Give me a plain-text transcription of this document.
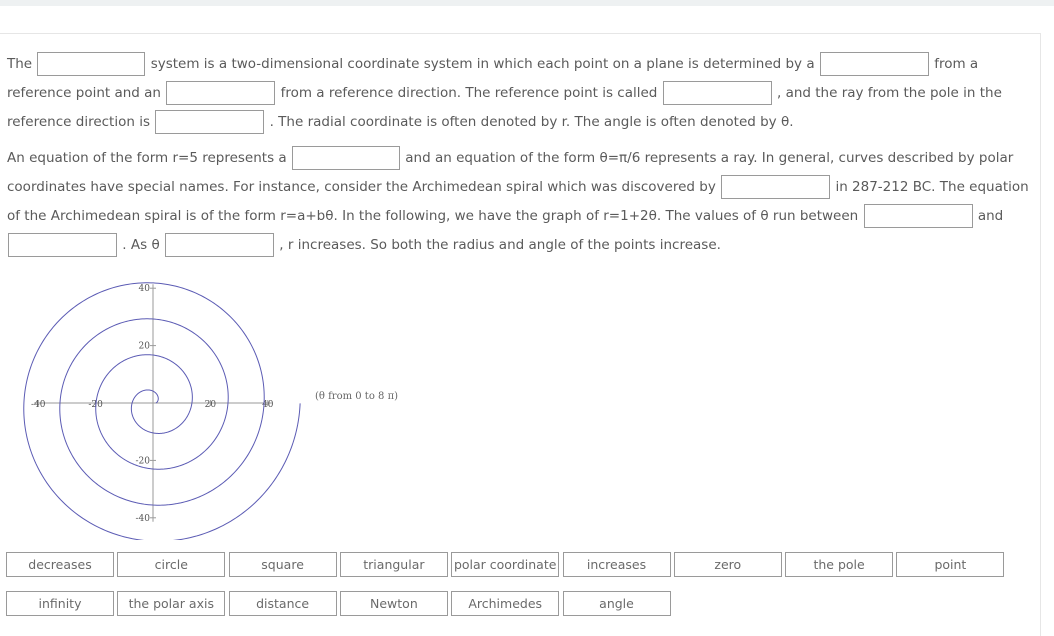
The	system is a two-dimensional coordinate system in which each point on a plane is determined by a	from a
reference point and an	from a reference direction. The reference point is called	, and the ray from the pole in the
reference direction is	. The radial coordinate is often denoted by r. The angle is often denoted by θ.
An equation of the form r=5 represents a	and an equation of the form θ=π/6 represents a ray. In general, curves described by polar
coordinates have special names. For instance, consider the Archimedean spiral which was discovered by	in 287-212 BC. The equation
of the Archimedean spiral is of the form r=a+bθ. In the following, we have the graph of r=1+2θ. The values of θ run between	and
. As θ	, r increases. So both the radius and angle of the points increase.
-40	-20	20	40
40
20
-20
-40
(θ from 0 to 8 π)
decreases	circle	square	triangular	polar coordinate	increases	zero	the pole	point
infinity	the polar axis	distance	Newton	Archimedes	angle
